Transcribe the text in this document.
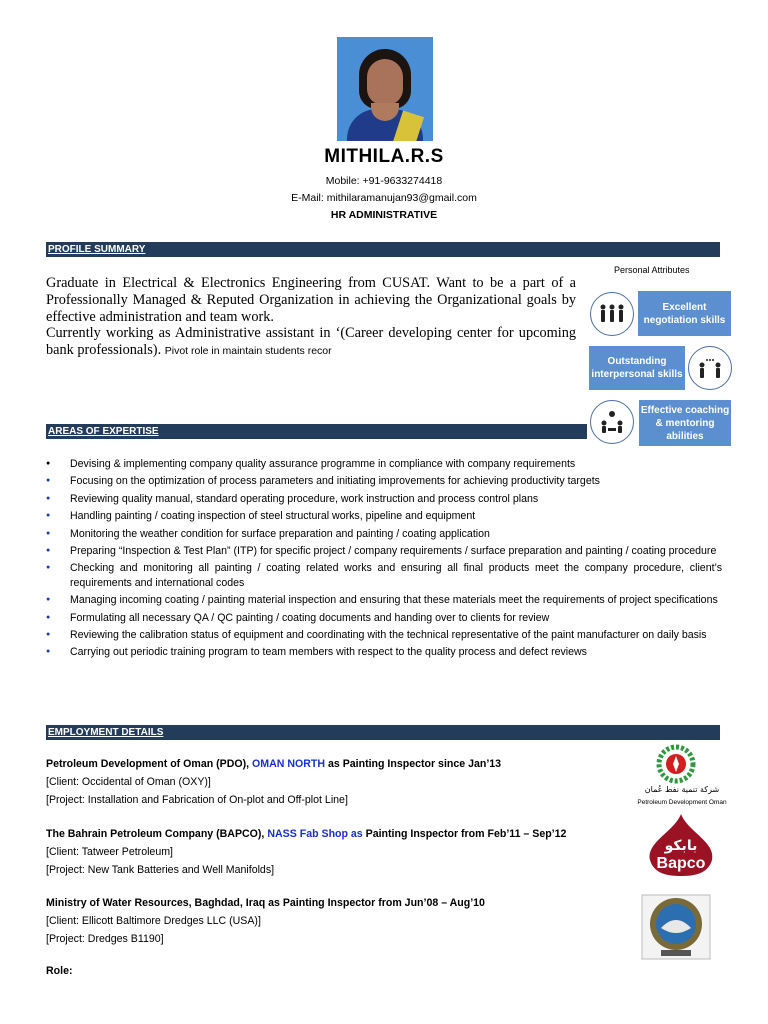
MITHILA.R.S
Mobile: +91-9633274418
E-Mail: mithilaramanujan93@gmail.com
HR ADMINISTRATIVE
PROFILE SUMMARY
Graduate in Electrical & Electronics Engineering from CUSAT. Want to be a part of a Professionally Managed & Reputed Organization in achieving the Organizational goals by effective administration and team work.
Currently working as Administrative assistant in ‘(Career developing center for upcoming bank professionals). Pivot role in maintain students recor
Personal Attributes
Excellent negotiation skills
Outstanding interpersonal skills
Effective coaching & mentoring abilities
AREAS OF EXPERTISE
● Devising & implementing company quality assurance programme in compliance with company requirements
● Focusing on the optimization of process parameters and initiating improvements for achieving productivity targets
● Reviewing quality manual, standard operating procedure, work instruction and process control plans
● Handling painting / coating inspection of steel structural works, pipeline and equipment
● Monitoring the weather condition for surface preparation and painting / coating application
● Preparing “Inspection & Test Plan” (ITP) for specific project / company requirements / surface preparation and painting / coating procedure
● Checking and monitoring all painting / coating related works and ensuring all final products meet the company procedure, client’s requirements and international codes
● Managing incoming coating / painting material inspection and ensuring that these materials meet the requirements of project specifications
● Formulating all necessary QA / QC painting / coating documents and handing over to clients for review
● Reviewing the calibration status of equipment and coordinating with the technical representative of the paint manufacturer on daily basis
● Carrying out periodic training program to team members with respect to the quality process and defect reviews
EMPLOYMENT DETAILS
Petroleum Development of Oman (PDO), OMAN NORTH as Painting Inspector since Jan’13
[Client: Occidental of Oman (OXY)]
[Project: Installation and Fabrication of On-plot and Off-plot Line]
The Bahrain Petroleum Company (BAPCO), NASS Fab Shop as Painting Inspector from Feb’11 – Sep’12
[Client: Tatweer Petroleum]
[Project: New Tank Batteries and Well Manifolds]
Ministry of Water Resources, Baghdad, Iraq as Painting Inspector from Jun’08 – Aug’10
[Client: Ellicott Baltimore Dredges LLC (USA)]
[Project: Dredges B1190]
Role:
شركة تنمية نفط عُمان
Petroleum Development Oman
بابكو
Bapco
